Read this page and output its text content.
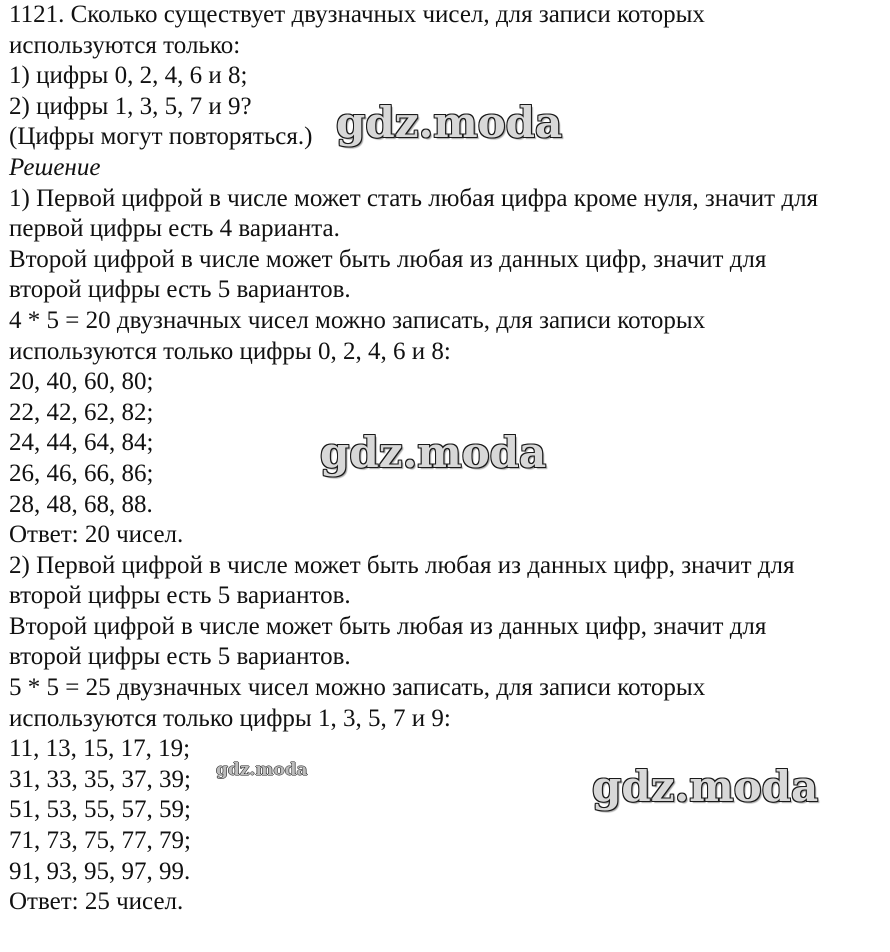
1121. Сколько существует двузначных чисел, для записи которых

используются только:

1) цифры 0, 2, 4, 6 и 8;

2) цифры 1, 3, 5, 7 и 9?

(Цифры могут повторяться.)

Решение

1) Первой цифрой в числе может стать любая цифра кроме нуля, значит для

первой цифры есть 4 варианта.

Второй цифрой в числе может быть любая из данных цифр, значит для

второй цифры есть 5 вариантов.

4 * 5 = 20 двузначных чисел можно записать, для записи которых

используются только цифры 0, 2, 4, 6 и 8:

20, 40, 60, 80;

22, 42, 62, 82;

24, 44, 64, 84;

26, 46, 66, 86;

28, 48, 68, 88.

Ответ: 20 чисел.

2) Первой цифрой в числе может быть любая из данных цифр, значит для

второй цифры есть 5 вариантов.

Второй цифрой в числе может быть любая из данных цифр, значит для

второй цифры есть 5 вариантов.

5 * 5 = 25 двузначных чисел можно записать, для записи которых

используются только цифры 1, 3, 5, 7 и 9:

11, 13, 15, 17, 19;

31, 33, 35, 37, 39;

51, 53, 55, 57, 59;

71, 73, 75, 77, 79;

91, 93, 95, 97, 99.

Ответ: 25 чисел.

gdz.moda
gdz.moda
gdz.moda	gdz.moda
